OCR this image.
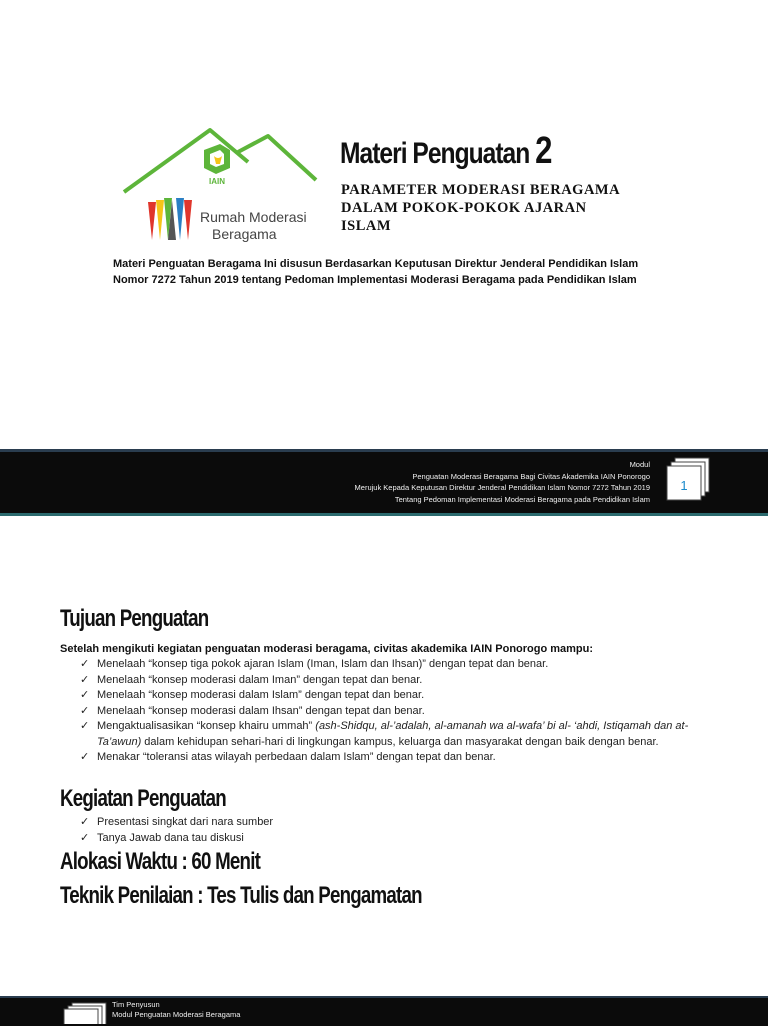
IAIN
Rumah Moderasi
Beragama
Materi Penguatan 2
PARAMETER MODERASI BERAGAMA
DALAM POKOK-POKOK AJARAN
ISLAM
Materi Penguatan Beragama Ini disusun Berdasarkan Keputusan Direktur Jenderal Pendidikan Islam
Nomor 7272 Tahun 2019 tentang Pedoman Implementasi Moderasi Beragama pada Pendidikan Islam
Modul
Penguatan Moderasi Beragama Bagi Civitas Akademika IAIN Ponorogo
Merujuk Kepada Keputusan Direktur Jenderal Pendidikan Islam Nomor 7272 Tahun 2019
Tentang Pedoman Implementasi Moderasi Beragama pada Pendidikan Islam
1
Tujuan Penguatan
Setelah mengikuti kegiatan penguatan moderasi beragama, civitas akademika IAIN Ponorogo mampu:
✓ Menelaah “konsep tiga pokok ajaran Islam (Iman, Islam dan Ihsan)” dengan tepat dan benar.
✓ Menelaah “konsep moderasi dalam Iman” dengan tepat dan benar.
✓ Menelaah “konsep moderasi dalam Islam” dengan tepat dan benar.
✓ Menelaah “konsep moderasi dalam Ihsan” dengan tepat dan benar.
✓ Mengaktualisasikan “konsep khairu ummah” (ash-Shidqu, al-’adalah, al-amanah wa al-wafa’ bi al- ‘ahdi, Istiqamah dan at-Ta’awun) dalam kehidupan sehari-hari di lingkungan kampus, keluarga dan masyarakat dengan baik dengan benar.
✓ Menakar “toleransi atas wilayah perbedaan dalam Islam” dengan tepat dan benar.
Kegiatan Penguatan
✓ Presentasi singkat dari nara sumber
✓ Tanya Jawab dana tau diskusi
Alokasi Waktu : 60 Menit
Teknik Penilaian : Tes Tulis dan Pengamatan
Tim Penyusun
Modul Penguatan Moderasi Beragama
